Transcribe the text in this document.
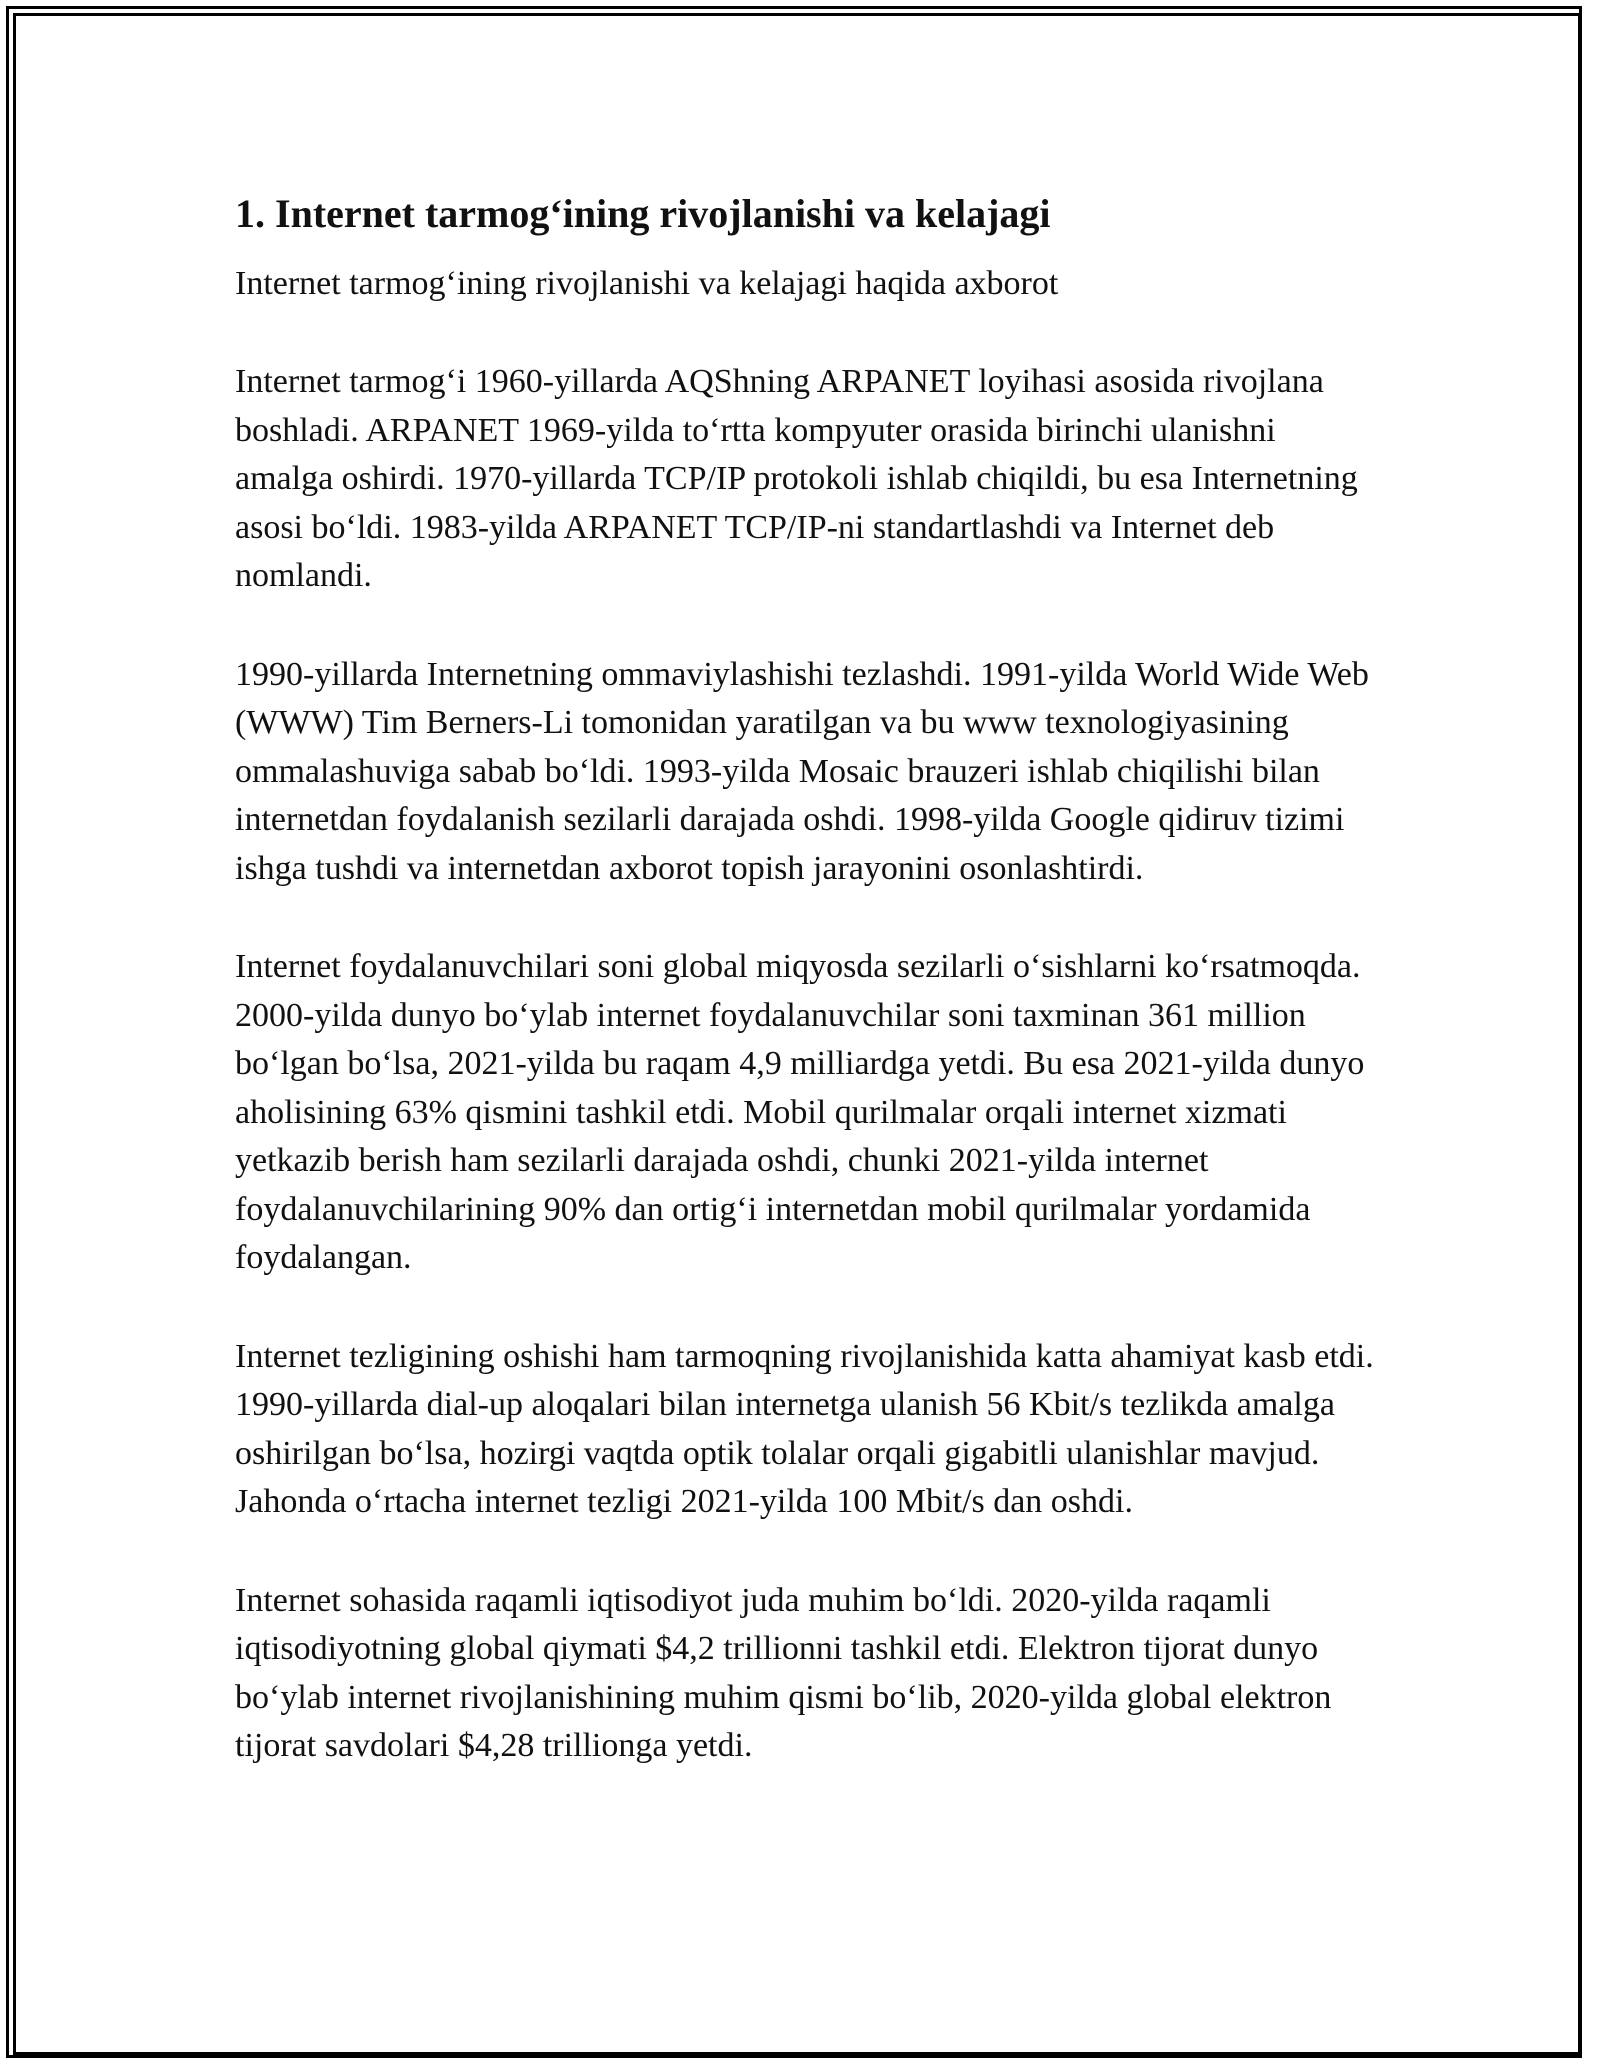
1. Internet tarmog‘ining rivojlanishi va kelajagi

Internet tarmog‘ining rivojlanishi va kelajagi haqida axborot

Internet tarmog‘i 1960-yillarda AQShning ARPANET loyihasi asosida rivojlana boshladi. ARPANET 1969-yilda to‘rtta kompyuter orasida birinchi ulanishni amalga oshirdi. 1970-yillarda TCP/IP protokoli ishlab chiqildi, bu esa Internetning asosi bo‘ldi. 1983-yilda ARPANET TCP/IP-ni standartlashdi va Internet deb nomlandi.

1990-yillarda Internetning ommaviylashishi tezlashdi. 1991-yilda World Wide Web (WWW) Tim Berners-Li tomonidan yaratilgan va bu www texnologiyasining ommalashuviga sabab bo‘ldi. 1993-yilda Mosaic brauzeri ishlab chiqilishi bilan internetdan foydalanish sezilarli darajada oshdi. 1998-yilda Google qidiruv tizimi ishga tushdi va internetdan axborot topish jarayonini osonlashtirdi.

Internet foydalanuvchilari soni global miqyosda sezilarli o‘sishlarni ko‘rsatmoqda. 2000-yilda dunyo bo‘ylab internet foydalanuvchilar soni taxminan 361 million bo‘lgan bo‘lsa, 2021-yilda bu raqam 4,9 milliardga yetdi. Bu esa 2021-yilda dunyo aholisining 63% qismini tashkil etdi. Mobil qurilmalar orqali internet xizmati yetkazib berish ham sezilarli darajada oshdi, chunki 2021-yilda internet foydalanuvchilarining 90% dan ortig‘i internetdan mobil qurilmalar yordamida foydalangan.

Internet tezligining oshishi ham tarmoqning rivojlanishida katta ahamiyat kasb etdi. 1990-yillarda dial-up aloqalari bilan internetga ulanish 56 Kbit/s tezlikda amalga oshirilgan bo‘lsa, hozirgi vaqtda optik tolalar orqali gigabitli ulanishlar mavjud. Jahonda o‘rtacha internet tezligi 2021-yilda 100 Mbit/s dan oshdi.

Internet sohasida raqamli iqtisodiyot juda muhim bo‘ldi. 2020-yilda raqamli iqtisodiyotning global qiymati $4,2 trillionni tashkil etdi. Elektron tijorat dunyo bo‘ylab internet rivojlanishining muhim qismi bo‘lib, 2020-yilda global elektron tijorat savdolari $4,28 trillionga yetdi.
